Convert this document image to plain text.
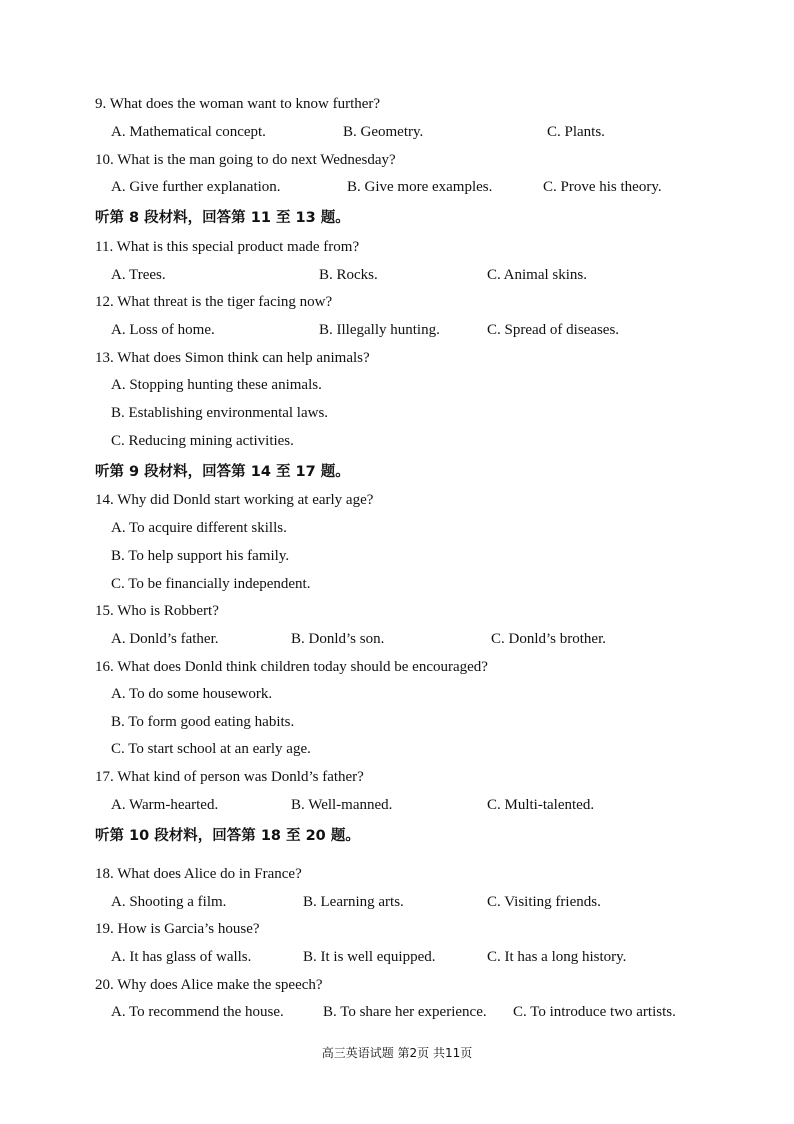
9. What does the woman want to know further?
A. Mathematical concept.	B. Geometry.	C. Plants.
10. What is the man going to do next Wednesday?
A. Give further explanation.	B. Give more examples.	C. Prove his theory.
听第 8 段材料，回答第 11 至 13 题。
11. What is this special product made from?
A. Trees.	B. Rocks.	C. Animal skins.
12. What threat is the tiger facing now?
A. Loss of home.	B. Illegally hunting.	C. Spread of diseases.
13. What does Simon think can help animals?
A. Stopping hunting these animals.
B. Establishing environmental laws.
C. Reducing mining activities.
听第 9 段材料，回答第 14 至 17 题。
14. Why did Donld start working at early age?
A. To acquire different skills.
B. To help support his family.
C. To be financially independent.
15. Who is Robbert?
A. Donld’s father.	B. Donld’s son.	C. Donld’s brother.
16. What does Donld think children today should be encouraged?
A. To do some housework.
B. To form good eating habits.
C. To start school at an early age.
17. What kind of person was Donld’s father?
A. Warm-hearted.	B. Well-manned.	C. Multi-talented.
听第 10 段材料，回答第 18 至 20 题。
18. What does Alice do in France?
A. Shooting a film.	B. Learning arts.	C. Visiting friends.
19. How is Garcia’s house?
A. It has glass of walls.	B. It is well equipped.	C. It has a long history.
20. Why does Alice make the speech?
A. To recommend the house.	B. To share her experience. C. To introduce two artists.
高三英语试题 第2页 共11页
